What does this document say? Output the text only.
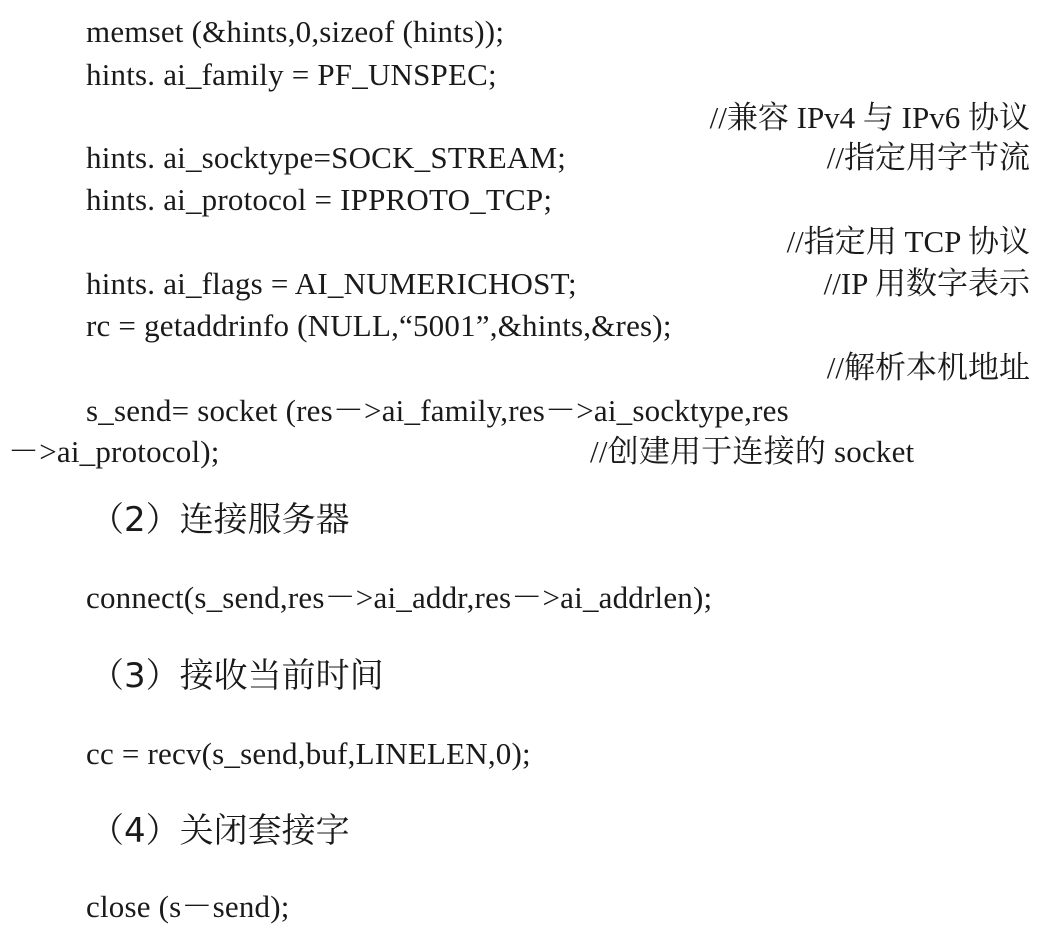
memset (&hints,0,sizeof (hints));
hints. ai_family = PF_UNSPEC;
//兼容 IPv4 与 IPv6 协议
hints. ai_socktype=SOCK_STREAM;	//指定用字节流
hints. ai_protocol = IPPROTO_TCP;
//指定用 TCP 协议
hints. ai_flags = AI_NUMERICHOST;	//IP 用数字表示
rc = getaddrinfo (NULL,“5001”,&hints,&res);
//解析本机地址
s_send= socket (res－>ai_family,res－>ai_socktype,res
－>ai_protocol);	//创建用于连接的 socket
（2）连接服务器
connect(s_send,res－>ai_addr,res－>ai_addrlen);
（3）接收当前时间
cc = recv(s_send,buf,LINELEN,0);
（4）关闭套接字
close (s－send);
